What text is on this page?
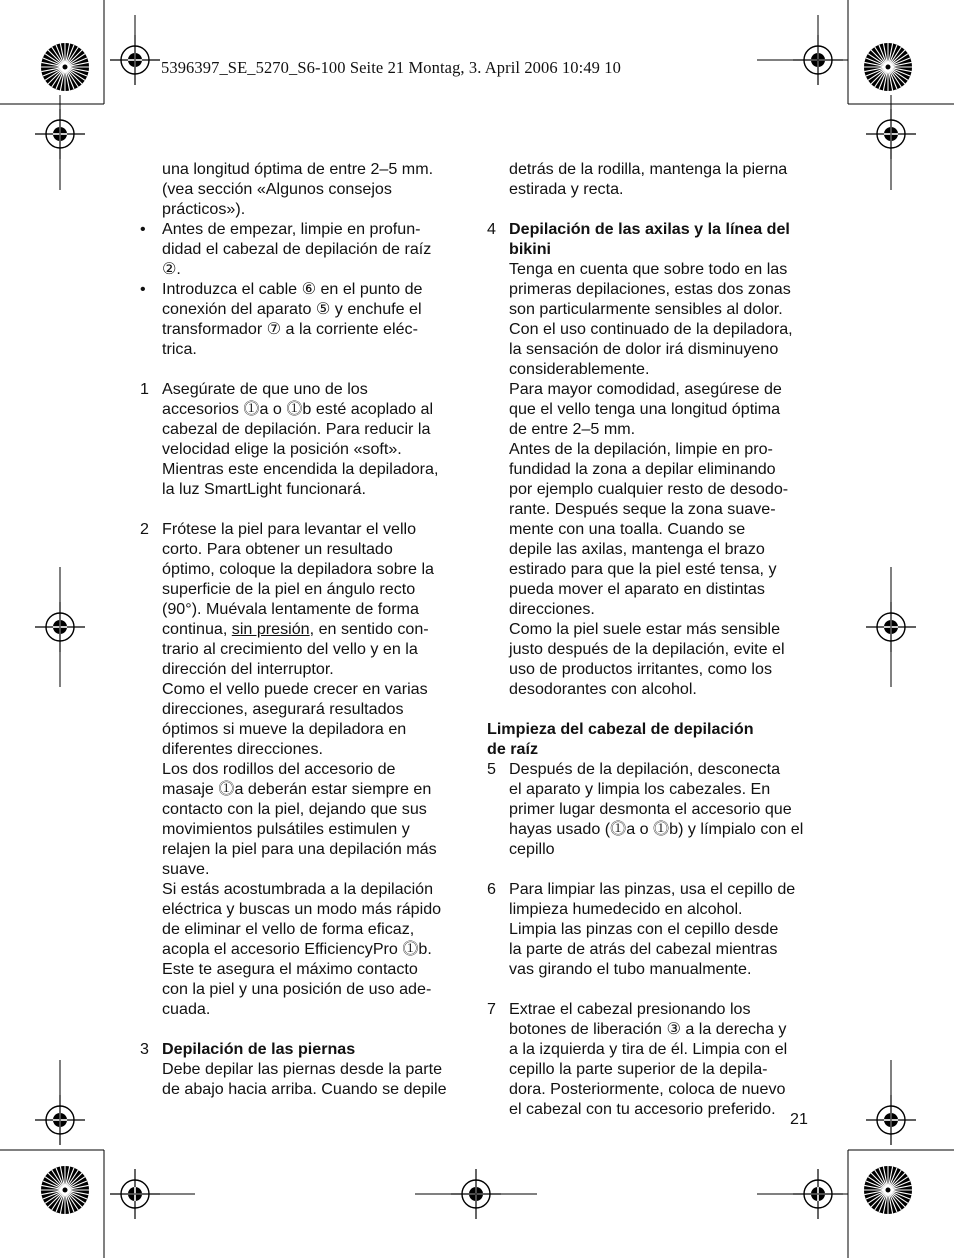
5396397_SE_5270_S6-100 Seite 21 Montag, 3. April 2006 10:49 10
una longitud óptima de entre 2–5 mm.
(vea sección «Algunos consejos
prácticos»).
• Antes de empezar, limpie en profun-
didad el cabezal de depilación de raíz
②.
• Introduzca el cable ⑥ en el punto de
conexión del aparato ⑤ y enchufe el
transformador ⑦ a la corriente eléc-
trica.
1 Asegúrate de que uno de los
accesorios ⓵a o ⓵b esté acoplado al
cabezal de depilación. Para reducir la
velocidad elige la posición «soft».
Mientras este encendida la depiladora,
la luz SmartLight funcionará.
2 Frótese la piel para levantar el vello
corto. Para obtener un resultado
óptimo, coloque la depiladora sobre la
superficie de la piel en ángulo recto
(90°). Muévala lentamente de forma
continua, sin presión, en sentido con-
trario al crecimiento del vello y en la
dirección del interruptor.
Como el vello puede crecer en varias
direcciones, asegurará resultados
óptimos si mueve la depiladora en
diferentes direcciones.
Los dos rodillos del accesorio de
masaje ⓵a deberán estar siempre en
contacto con la piel, dejando que sus
movimientos pulsátiles estimulen y
relajen la piel para una depilación más
suave.
Si estás acostumbrada a la depilación
eléctrica y buscas un modo más rápido
de eliminar el vello de forma eficaz,
acopla el accesorio EfficiencyPro ⓵b.
Este te asegura el máximo contacto
con la piel y una posición de uso ade-
cuada.
3 Depilación de las piernas
Debe depilar las piernas desde la parte
de abajo hacia arriba. Cuando se depile
detrás de la rodilla, mantenga la pierna
estirada y recta.
4 Depilación de las axilas y la línea del
bikini
Tenga en cuenta que sobre todo en las
primeras depilaciones, estas dos zonas
son particularmente sensibles al dolor.
Con el uso continuado de la depiladora,
la sensación de dolor irá disminuyeno
considerablemente.
Para mayor comodidad, asegúrese de
que el vello tenga una longitud óptima
de entre 2–5 mm.
Antes de la depilación, limpie en pro-
fundidad la zona a depilar eliminando
por ejemplo cualquier resto de desodo-
rante. Después seque la zona suave-
mente con una toalla. Cuando se
depile las axilas, mantenga el brazo
estirado para que la piel esté tensa, y
pueda mover el aparato en distintas
direcciones.
Como la piel suele estar más sensible
justo después de la depilación, evite el
uso de productos irritantes, como los
desodorantes con alcohol.
Limpieza del cabezal de depilación
de raíz
5 Después de la depilación, desconecta
el aparato y limpia los cabezales. En
primer lugar desmonta el accesorio que
hayas usado (⓵a o ⓵b) y límpialo con el
cepillo
6 Para limpiar las pinzas, usa el cepillo de
limpieza humedecido en alcohol.
Limpia las pinzas con el cepillo desde
la parte de atrás del cabezal mientras
vas girando el tubo manualmente.
7 Extrae el cabezal presionando los
botones de liberación ③ a la derecha y
a la izquierda y tira de él. Limpia con el
cepillo la parte superior de la depila-
dora. Posteriormente, coloca de nuevo
el cabezal con tu accesorio preferido.
21
